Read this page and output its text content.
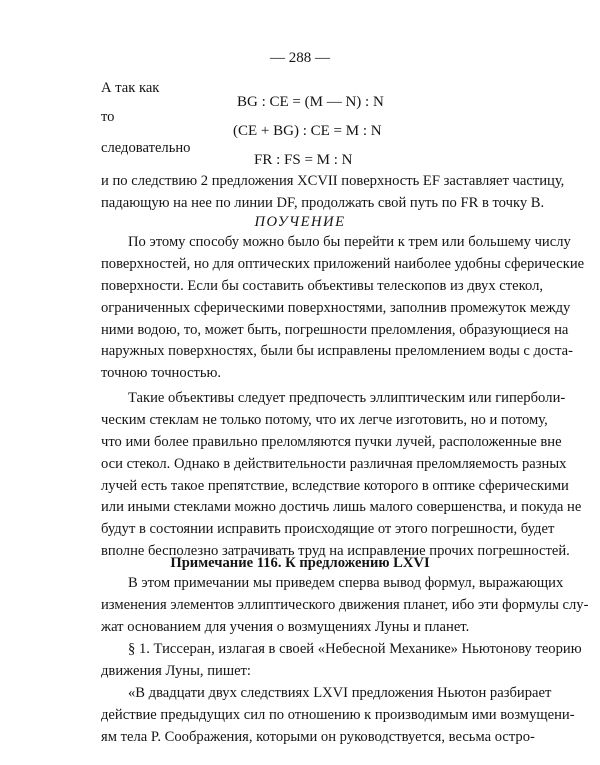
— 288 —
А так как
BG : CE = (M — N) : N
то
(CE + BG) : CE = M : N
следовательно
FR : FS = M : N
и по следствию 2 предложения XCVII поверхность EF заставляет частицу,
падающую на нее по линии DF, продолжать свой путь по FR в точку B.
ПОУЧЕНИЕ
По этому способу можно было бы перейти к трем или большему числу
поверхностей, но для оптических приложений наиболее удобны сферические
поверхности. Если бы составить объективы телескопов из двух стекол,
ограниченных сферическими поверхностями, заполнив промежуток между
ними водою, то, может быть, погрешности преломления, образующиеся на
наружных поверхностях, были бы исправлены преломлением воды с доста-
точною точностью.
Такие объективы следует предпочесть эллиптическим или гипербoли-
ческим стеклам не только потому, что их легче изготовить, но и потому,
что ими более правильно преломляются пучки лучей, расположенные вне
оси стекол. Однако в действительности различная преломляемость разных
лучей есть такое препятствие, вследствие которого в оптике сферическими
или иными стеклами можно достичь лишь малого совершенства, и покуда не
будут в состоянии исправить происходящие от этого погрешности, будет
вполне бесполезно затрачивать труд на исправление прочих погрешностей.
Примечание 116. К предложению LXVI
В этом примечании мы приведем сперва вывод формул, выражающих
изменения элементов эллиптического движения планет, ибо эти формулы слу-
жат основанием для учения о возмущениях Луны и планет.
§ 1. Тиссеран, излагая в своей «Небесной Механике» Ньютонову теорию
движения Луны, пишет:
«В двадцати двух следствиях LXVI предложения Ньютон разбирает
действие предыдущих сил по отношению к производимым ими возмущени-
ям тела P. Соображения, которыми он руководствуется, весьма остро-
